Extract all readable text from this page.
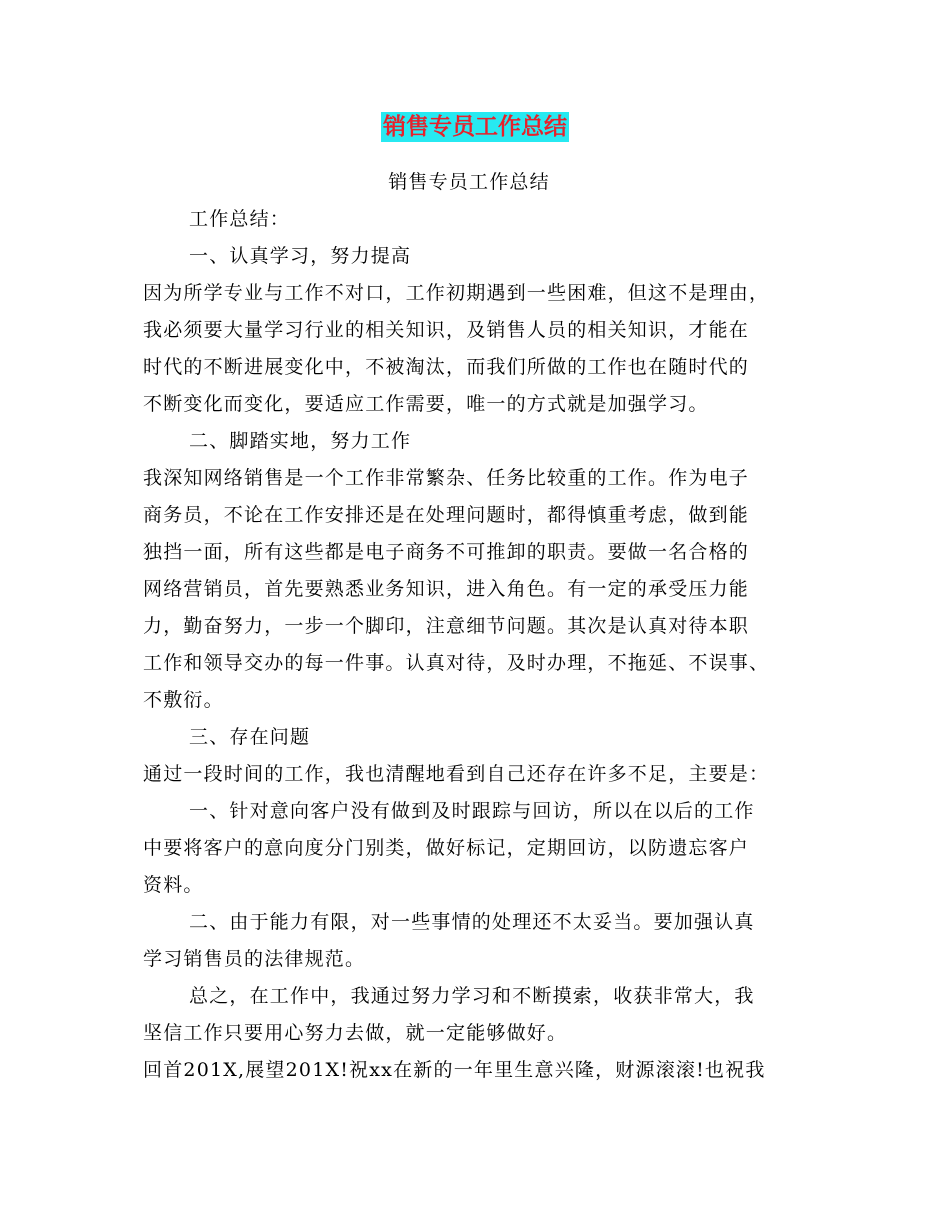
销售专员工作总结
销售专员工作总结
工作总结：
一、认真学习，努力提高
因为所学专业与工作不对口，工作初期遇到一些困难，但这不是理由，
我必须要大量学习行业的相关知识，及销售人员的相关知识，才能在
时代的不断进展变化中，不被淘汰，而我们所做的工作也在随时代的
不断变化而变化，要适应工作需要，唯一的方式就是加强学习。
二、脚踏实地，努力工作
我深知网络销售是一个工作非常繁杂、任务比较重的工作。作为电子
商务员，不论在工作安排还是在处理问题时，都得慎重考虑，做到能
独挡一面，所有这些都是电子商务不可推卸的职责。要做一名合格的
网络营销员，首先要熟悉业务知识，进入角色。有一定的承受压力能
力，勤奋努力，一步一个脚印，注意细节问题。其次是认真对待本职
工作和领导交办的每一件事。认真对待，及时办理，不拖延、不误事、
不敷衍。
三、存在问题
通过一段时间的工作，我也清醒地看到自己还存在许多不足，主要是：
一、针对意向客户没有做到及时跟踪与回访，所以在以后的工作
中要将客户的意向度分门别类，做好标记，定期回访，以防遗忘客户
资料。
二、由于能力有限，对一些事情的处理还不太妥当。要加强认真
学习销售员的法律规范。
总之，在工作中，我通过努力学习和不断摸索，收获非常大，我
坚信工作只要用心努力去做，就一定能够做好。
回首201X,展望201X!祝xx在新的一年里生意兴隆，财源滚滚!也祝我
